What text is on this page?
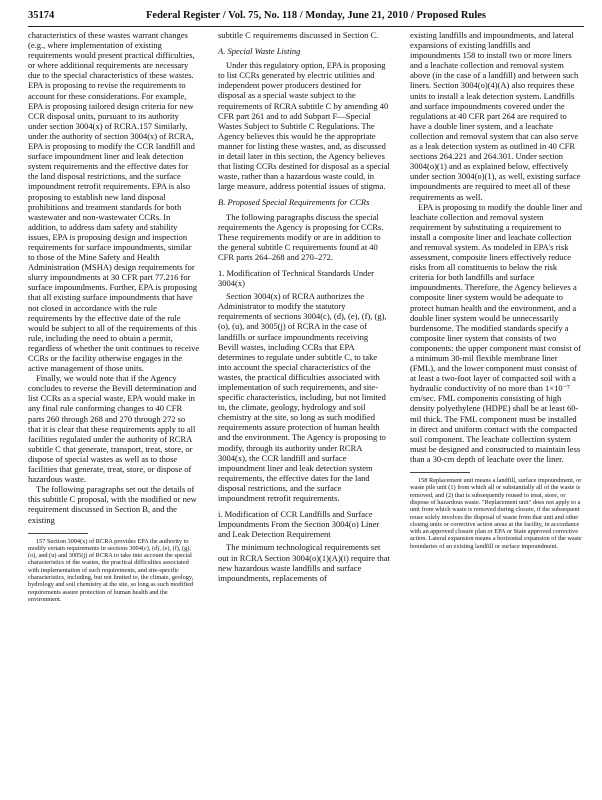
35174	Federal Register / Vol. 75, No. 118 / Monday, June 21, 2010 / Proposed Rules

characteristics of these wastes warrant changes (e.g., where implementation of existing requirements would present practical difficulties, or where additional requirements are necessary due to the special characteristics of these wastes. EPA is proposing to revise the requirements to account for these considerations. For example, EPA is proposing tailored design criteria for new CCR disposal units, pursuant to its authority under section 3004(x) of RCRA.157 Similarly, under the authority of section 3004(x) of RCRA, EPA is proposing to modify the CCR landfill and surface impoundment liner and leak detection system requirements and the effective dates for the land disposal restrictions, and the surface impoundment retrofit requirements. EPA is also proposing to establish new land disposal prohibitions and treatment standards for both wastewater and non-wastewater CCRs. In addition, to address dam safety and stability issues, EPA is proposing design and inspection requirements for surface impoundments, similar to those of the Mine Safety and Health Administration (MSHA) design requirements for slurry impoundments at 30 CFR part 77.216 for surface impoundments. Further, EPA is proposing that all existing surface impoundments that have not closed in accordance with the rule requirements by the effective date of the rule would be subject to all of the requirements of this rule, including the need to obtain a permit, regardless of whether the unit continues to receive CCRs or the facility otherwise engages in the active management of those units.

Finally, we would note that if the Agency concludes to reverse the Bevill determination and list CCRs as a special waste, EPA would make in any final rule conforming changes to 40 CFR parts 260 through 268 and 270 through 272 so that it is clear that these requirements apply to all facilities regulated under the authority of RCRA subtitle C that generate, transport, treat, store, or dispose of special wastes as well as to those facilities that generate, treat, store, or dispose of hazardous waste.

The following paragraphs set out the details of this subtitle C proposal, with the modified or new requirement discussed in Section B, and the existing

157 Section 3004(x) of RCRA provides EPA the authority to modify certain requirements in sections 3004(c), (d), (e), (f), (g), (o), and (u) and 3005(j) of RCRA to take into account the special characteristics of the wastes, the practical difficulties associated with implementation of such requirements, and site-specific characteristics, including, but not limited to, the climate, geology, hydrology and soil chemistry at the site, so long as such modified requirements assure protection of human health and the environment.

subtitle C requirements discussed in Section C.

A. Special Waste Listing

Under this regulatory option, EPA is proposing to list CCRs generated by electric utilities and independent power producers destined for disposal as a special waste subject to the requirements of RCRA subtitle C by amending 40 CFR part 261 and to add Subpart F—Special Wastes Subject to Subtitle C Regulations. The Agency believes this would be the appropriate manner for listing these wastes, and, as discussed in detail later in this section, the Agency believes that listing CCRs destined for disposal as a special waste, rather than a hazardous waste could, in large measure, address potential issues of stigma.

B. Proposed Special Requirements for CCRs

The following paragraphs discuss the special requirements the Agency is proposing for CCRs. These requirements modify or are in addition to the general subtitle C requirements found at 40 CFR parts 264–268 and 270–272.

1. Modification of Technical Standards Under 3004(x)

Section 3004(x) of RCRA authorizes the Administrator to modify the statutory requirements of sections 3004(c), (d), (e), (f), (g), (o), (u), and 3005(j) of RCRA in the case of landfills or surface impoundments receiving Bevill wastes, including CCRs that EPA determines to regulate under subtitle C, to take into account the special characteristics of the wastes, the practical difficulties associated with implementation of such requirements, and site-specific characteristics, including, but not limited to, the climate, geology, hydrology and soil chemistry at the site, so long as such modified requirements assure protection of human health and the environment. The Agency is proposing to modify, through its authority under RCRA 3004(x), the CCR landfill and surface impoundment liner and leak detection system requirements, the effective dates for the land disposal restrictions, and the surface impoundment retrofit requirements.

i. Modification of CCR Landfills and Surface Impoundments From the Section 3004(o) Liner and Leak Detection Requirement

The minimum technological requirements set out in RCRA Section 3004(o)(1)(A)(i) require that new hazardous waste landfills and surface impoundments, replacements of

existing landfills and impoundments, and lateral expansions of existing landfills and impoundments 158 to install two or more liners and a leachate collection and removal system above (in the case of a landfill) and between such liners. Section 3004(o)(4)(A) also requires these units to install a leak detection system. Landfills and surface impoundments covered under the regulations at 40 CFR part 264 are required to have a double liner system, and a leachate collection and removal system that can also serve as a leak detection system as outlined in 40 CFR sections 264.221 and 264.301. Under section 3004(o)(1) and as explained below, effectively under section 3004(o)(1), as well, existing surface impoundments are required to meet all of these requirements as well.

EPA is proposing to modify the double liner and leachate collection and removal system requirement by substituting a requirement to install a composite liner and leachate collection and removal system. As modeled in EPA's risk assessment, composite liners effectively reduce risks from all constituents to below the risk criteria for both landfills and surface impoundments. Therefore, the Agency believes a composite liner system would be adequate to protect human health and the environment, and a double liner system would be unnecessarily burdensome. The modified standards specify a composite liner system that consists of two components: the upper component must consist of a minimum 30-mil flexible membrane liner (FML), and the lower component must consist of at least a two-foot layer of compacted soil with a hydraulic conductivity of no more than 1×10⁻⁷ cm/sec. FML components consisting of high density polyethylene (HDPE) shall be at least 60-mil thick. The FML component must be installed in direct and uniform contact with the compacted soil component. The leachate collection system must be designed and constructed to maintain less than a 30-cm depth of leachate over the liner.

158 Replacement unit means a landfill, surface impoundment, or waste pile unit (1) from which all or substantially all of the waste is removed, and (2) that is subsequently reused to treat, store, or dispose of hazardous waste. "Replacement unit" does not apply to a unit from which waste is removed during closure, if the subsequent reuse solely involves the disposal of waste from that unit and other closing units or corrective action areas at the facility, in accordance with an approved closure plan or EPA or State approved corrective action. Lateral expansion means a horizontal expansion of the waste boundaries of an existing landfill or surface impoundment.
